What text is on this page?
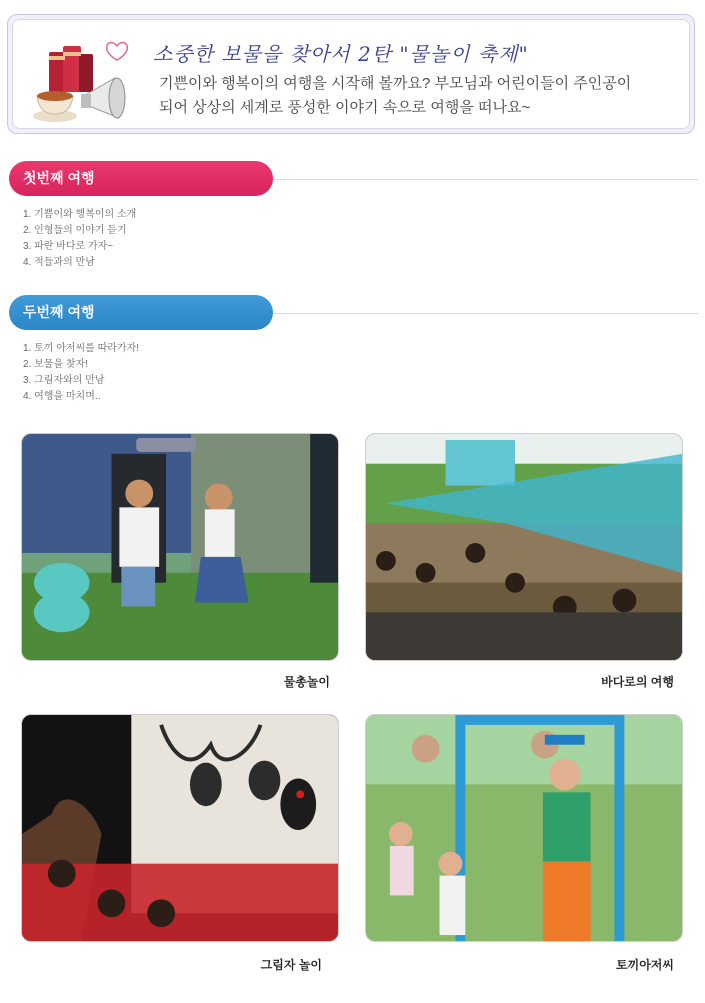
소중한 보물을 찾아서 2탄 "물놀이 축제"
기쁜이와 행복이의 여행을 시작해 볼까요? 부모님과 어린이들이 주인공이
되어 상상의 세계로 풍성한 이야기 속으로 여행을 떠나요~
첫번째 여행
1. 기쁨이와 행복이의 소개
2. 인형들의 이야기 듣기
3. 파란 바다로 가자~
4. 적들과의 만남
두번째 여행
1. 토끼 아저씨를 따라가자!
2. 보물을 찾자!
3. 그림자와의 만남
4. 여행을 마치며..
물총놀이	바다로의 여행
그림자 놀이	토끼아저씨
